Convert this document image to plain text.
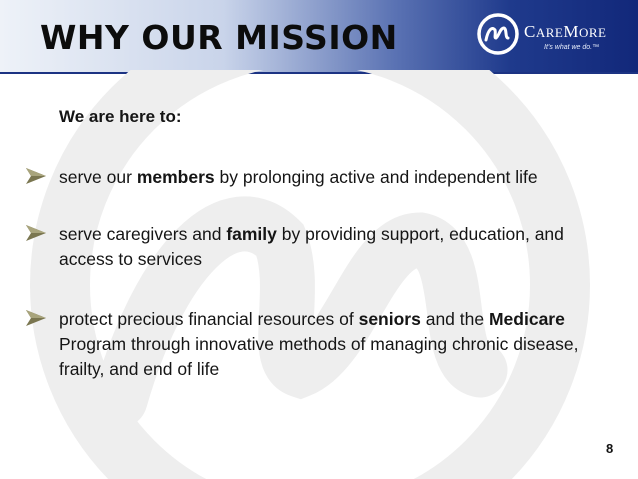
WHY OUR MISSION	CAREMORE
It’s what we do.™
We are here to:
serve our members by prolonging active and independent life
serve caregivers and family by providing support, education, and access to services
protect precious financial resources of seniors and the Medicare Program through innovative methods of managing chronic disease, frailty, and end of life
8
